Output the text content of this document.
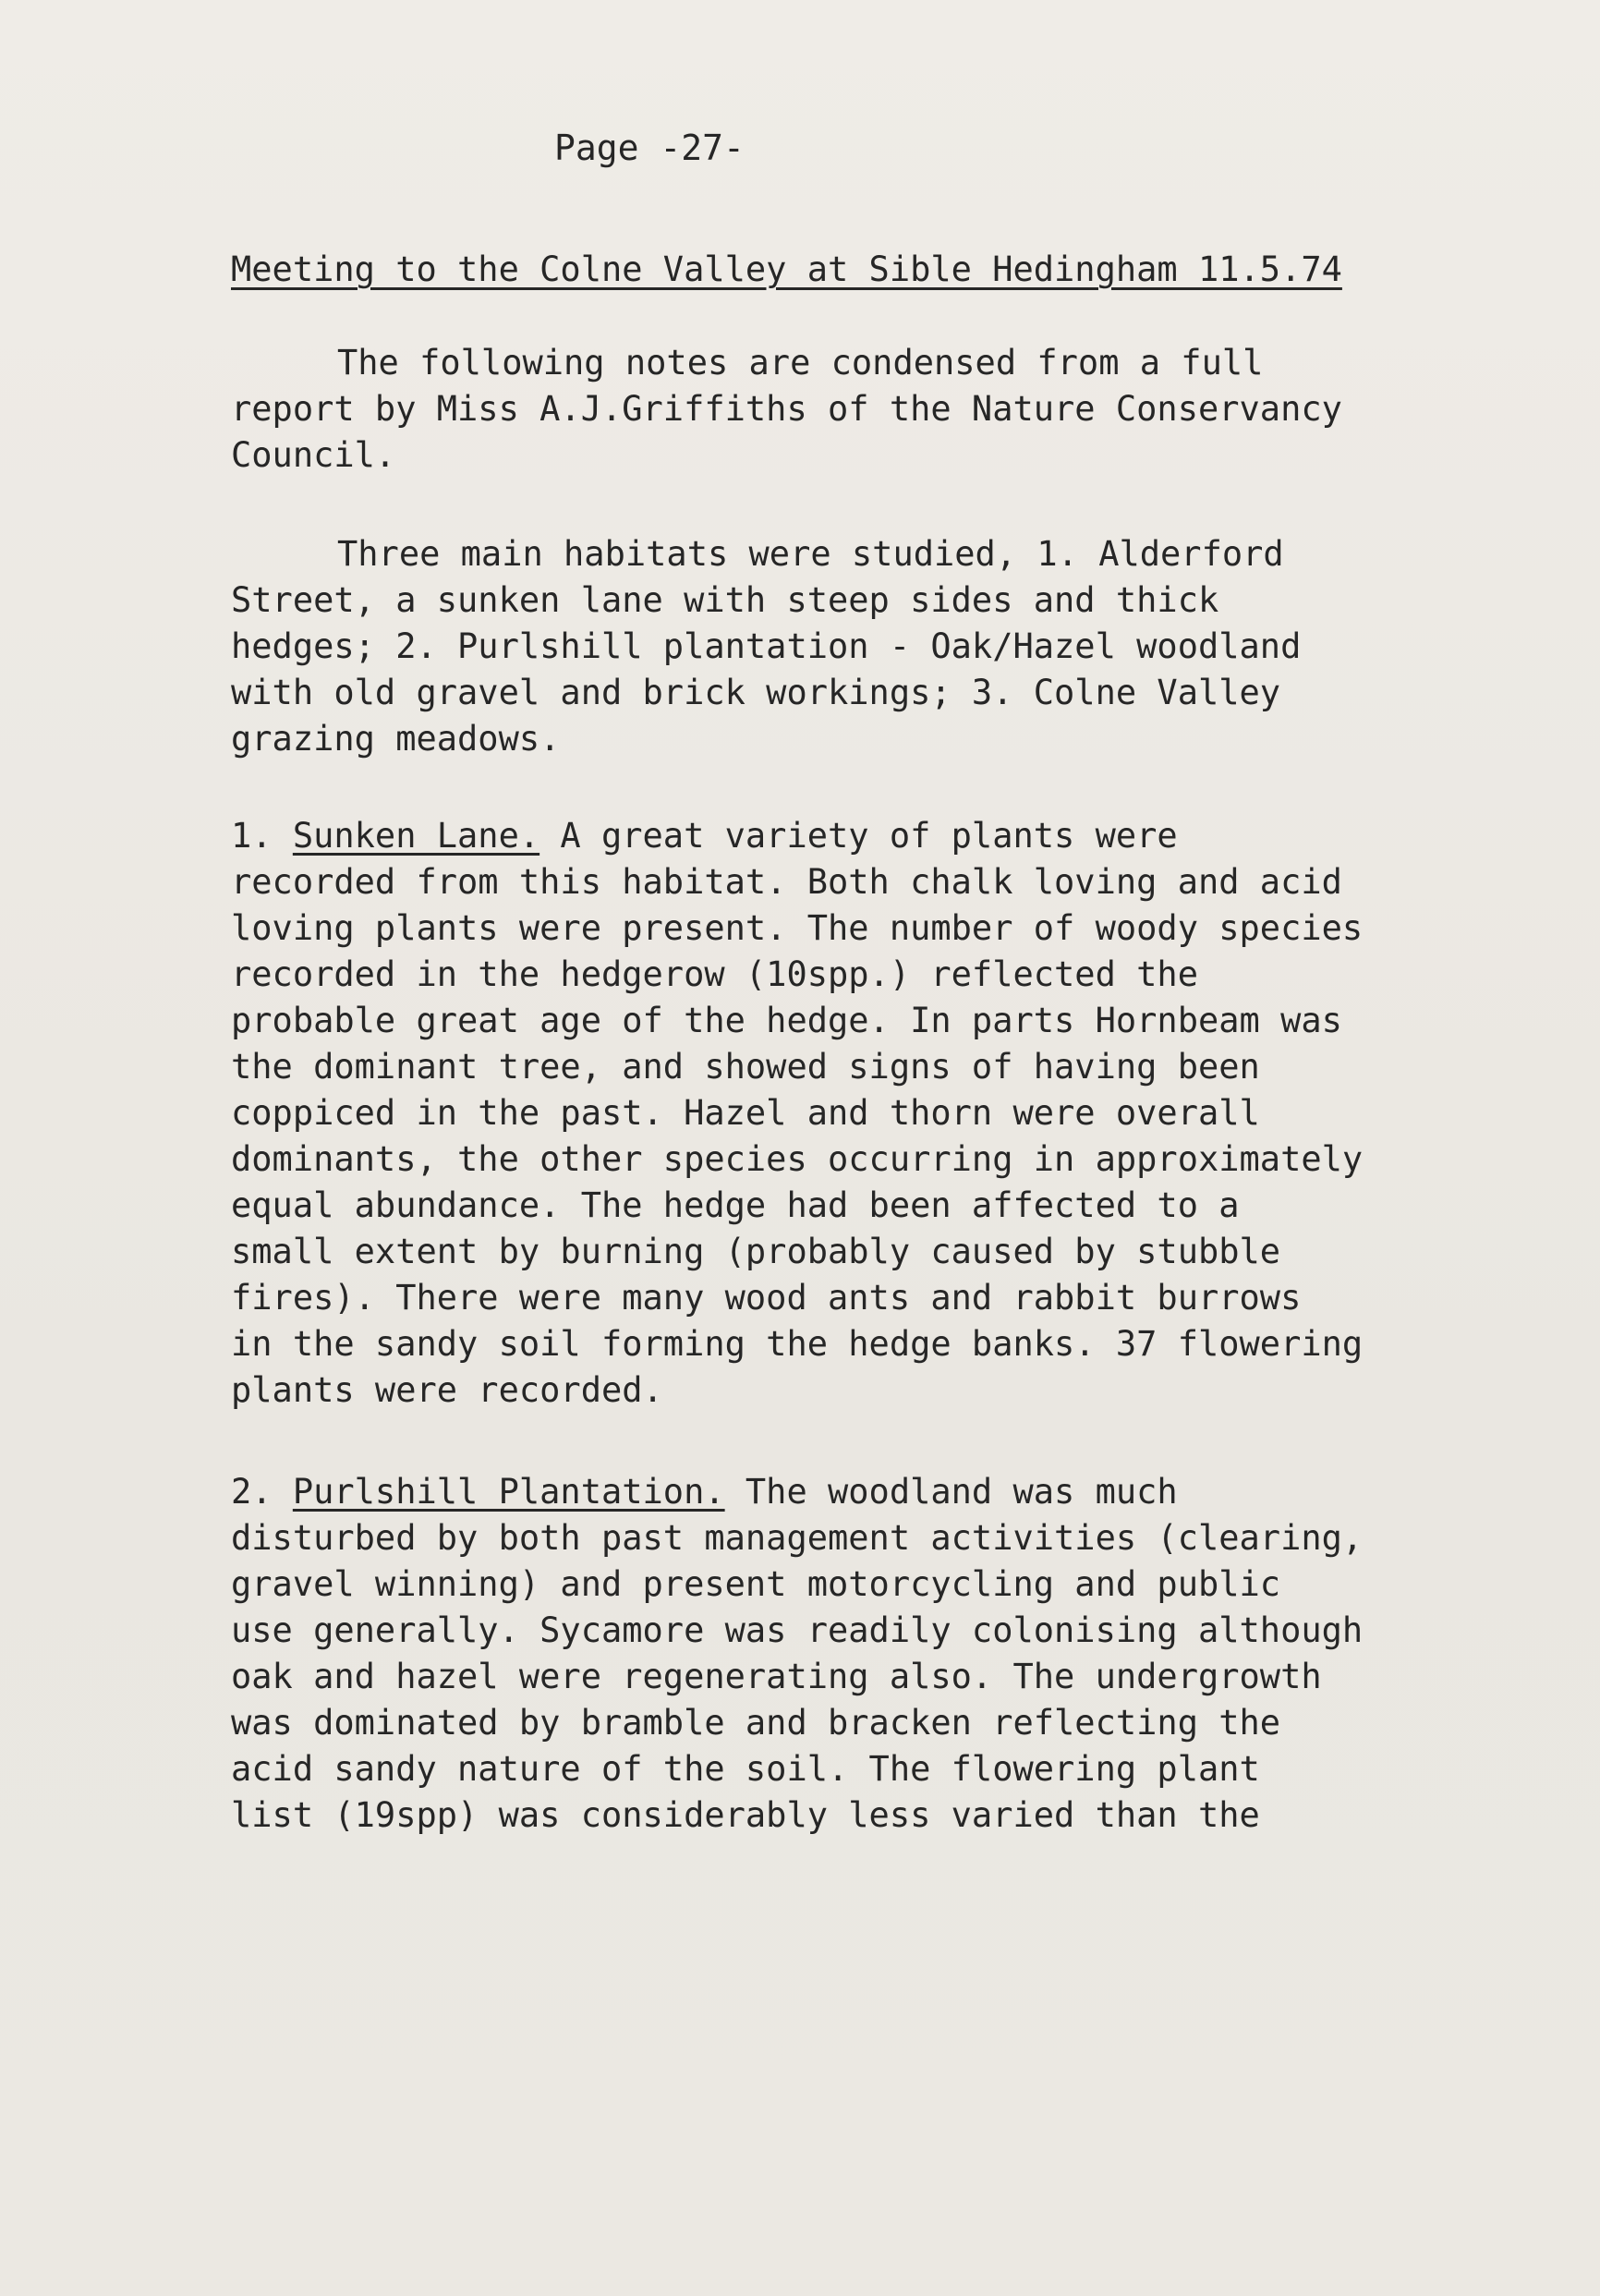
Page -27-
Meeting to the Colne Valley at Sible Hedingham 11.5.74
The following notes are condensed from a full
report by Miss A.J.Griffiths of the Nature Conservancy
Council.
Three main habitats were studied, 1. Alderford
Street, a sunken lane with steep sides and thick
hedges; 2. Purlshill plantation - Oak/Hazel woodland
with old gravel and brick workings; 3. Colne Valley
grazing meadows.
1. Sunken Lane. A great variety of plants were
recorded from this habitat. Both chalk loving and acid
loving plants were present. The number of woody species
recorded in the hedgerow (10spp.) reflected the
probable great age of the hedge. In parts Hornbeam was
the dominant tree, and showed signs of having been
coppiced in the past. Hazel and thorn were overall
dominants, the other species occurring in approximately
equal abundance. The hedge had been affected to a
small extent by burning (probably caused by stubble
fires). There were many wood ants and rabbit burrows
in the sandy soil forming the hedge banks. 37 flowering
plants were recorded.
2. Purlshill Plantation. The woodland was much
disturbed by both past management activities (clearing,
gravel winning) and present motorcycling and public
use generally. Sycamore was readily colonising although
oak and hazel were regenerating also. The undergrowth
was dominated by bramble and bracken reflecting the
acid sandy nature of the soil. The flowering plant
list (19spp) was considerably less varied than the
